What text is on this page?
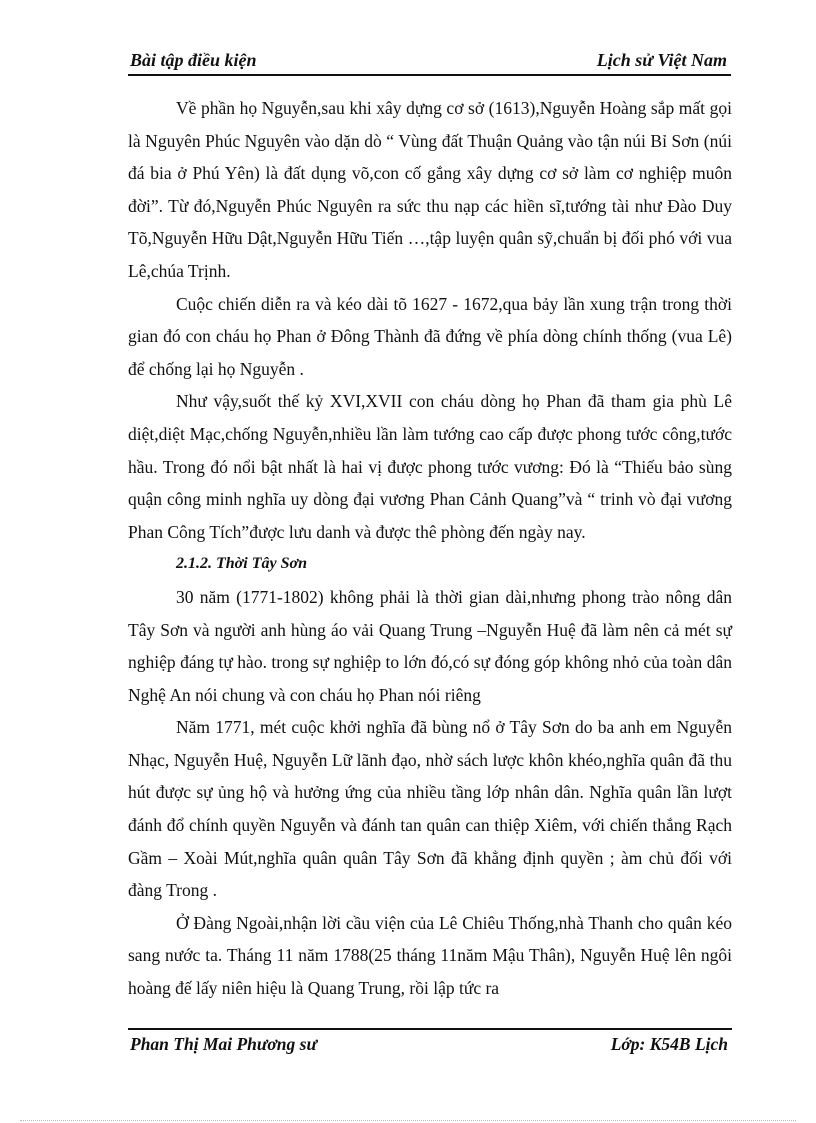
Bài tập điều kiện	Lịch sử Việt Nam

Về phần họ Nguyễn,sau khi xây dựng cơ sở (1613),Nguyễn Hoàng sắp mất gọi là Nguyên Phúc Nguyên vào dặn dò “ Vùng đất Thuận Quảng vào tận núi Bỉ Sơn (núi đá bia ở Phú Yên) là đất dụng võ,con cố gắng xây dựng cơ sở làm cơ nghiệp muôn đời”. Từ đó,Nguyễn Phúc Nguyên ra sức thu nạp các hiền sĩ,tướng tài như Đào Duy Tõ,Nguyễn Hữu Dật,Nguyễn Hữu Tiến …,tập luyện quân sỹ,chuẩn bị đối phó với vua Lê,chúa Trịnh.

Cuộc chiến diễn ra và kéo dài tõ 1627 - 1672,qua bảy lần xung trận trong thời gian đó con cháu họ Phan ở Đông Thành đã đứng về phía dòng chính thống (vua Lê) để chống lại họ Nguyễn .

Như vậy,suốt thế kỷ XVI,XVII con cháu dòng họ Phan đã tham gia phù Lê diệt,diệt Mạc,chống Nguyễn,nhiều lần làm tướng cao cấp được phong tước công,tước hầu. Trong đó nổi bật nhất là hai vị được phong tước vương: Đó là “Thiếu bảo sùng quận công minh nghĩa uy dòng đại vương Phan Cảnh Quang”và “ trinh vò đại vương Phan Công Tích”được lưu danh và được thê phòng đến ngày nay.

2.1.2. Thời Tây Sơn

30 năm (1771-1802) không phải là thời gian dài,nhưng phong trào nông dân Tây Sơn và người anh hùng áo vải Quang Trung –Nguyễn Huệ đã làm nên cả mét sự nghiệp đáng tự hào. trong sự nghiệp to lớn đó,có sự đóng góp không nhỏ của toàn dân Nghệ An nói chung và con cháu họ Phan nói riêng

Năm 1771, mét cuộc khởi nghĩa đã bùng nổ ở Tây Sơn do ba anh em Nguyễn Nhạc, Nguyễn Huệ, Nguyễn Lữ lãnh đạo, nhờ sách lược khôn khéo,nghĩa quân đã thu hút được sự ủng hộ và hưởng ứng của nhiều tầng lớp nhân dân. Nghĩa quân lần lượt đánh đổ chính quyền Nguyễn và đánh tan quân can thiệp Xiêm, với chiến thắng Rạch Gầm – Xoài Mút,nghĩa quân quân Tây Sơn đã khẳng định quyền ; àm chủ đối với đàng Trong .

Ở Đàng Ngoài,nhận lời cầu viện của Lê Chiêu Thống,nhà Thanh cho quân kéo sang nước ta. Tháng 11 năm 1788(25 tháng 11năm Mậu Thân), Nguyễn Huệ lên ngôi hoàng đế lấy niên hiệu là Quang Trung, rồi lập tức ra

Phan Thị Mai Phương sư	Lớp: K54B Lịch
